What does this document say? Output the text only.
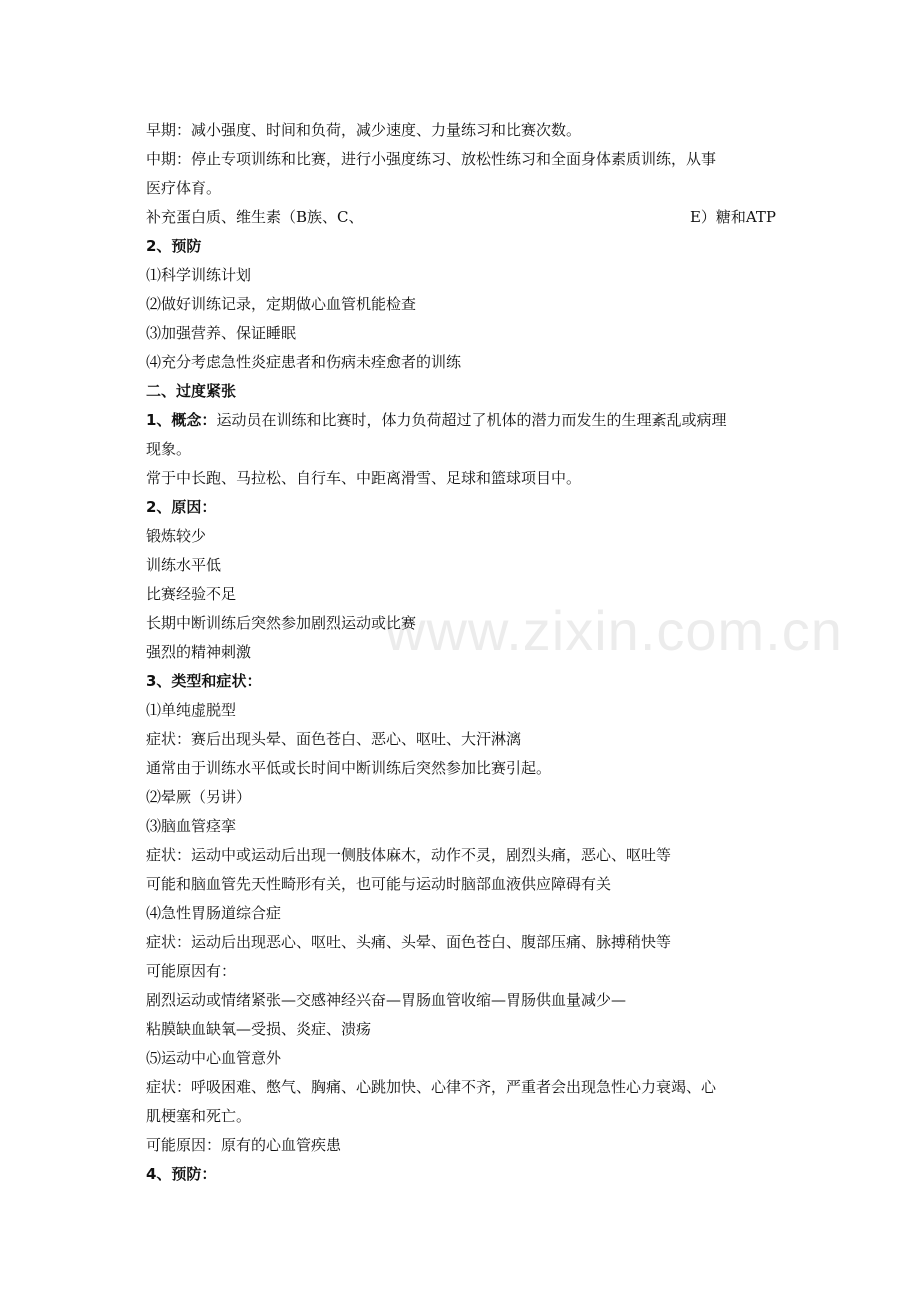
www.zixin.com.cn
早期：减小强度、时间和负荷，减少速度、力量练习和比赛次数。
中期：停止专项训练和比赛，进行小强度练习、放松性练习和全面身体素质训练，从事
医疗体育。
补充蛋白质、维生素（B族、C、	E）糖和ATP
2、预防
⑴科学训练计划
⑵做好训练记录，定期做心血管机能检查
⑶加强营养、保证睡眠
⑷充分考虑急性炎症患者和伤病未痊愈者的训练
二、过度紧张
1、概念：运动员在训练和比赛时，体力负荷超过了机体的潜力而发生的生理紊乱或病理
现象。
常于中长跑、马拉松、自行车、中距离滑雪、足球和篮球项目中。
2、原因：
锻炼较少
训练水平低
比赛经验不足
长期中断训练后突然参加剧烈运动或比赛
强烈的精神刺激
3、类型和症状：
⑴单纯虚脱型
症状：赛后出现头晕、面色苍白、恶心、呕吐、大汗淋漓
通常由于训练水平低或长时间中断训练后突然参加比赛引起。
⑵晕厥（另讲）
⑶脑血管痉挛
症状：运动中或运动后出现一侧肢体麻木，动作不灵，剧烈头痛，恶心、呕吐等
可能和脑血管先天性畸形有关，也可能与运动时脑部血液供应障碍有关
⑷急性胃肠道综合症
症状：运动后出现恶心、呕吐、头痛、头晕、面色苍白、腹部压痛、脉搏稍快等
可能原因有：
剧烈运动或情绪紧张—交感神经兴奋—胃肠血管收缩—胃肠供血量减少—
粘膜缺血缺氧—受损、炎症、溃疡
⑸运动中心血管意外
症状：呼吸困难、憋气、胸痛、心跳加快、心律不齐，严重者会出现急性心力衰竭、心
肌梗塞和死亡。
可能原因：原有的心血管疾患
4、预防：
